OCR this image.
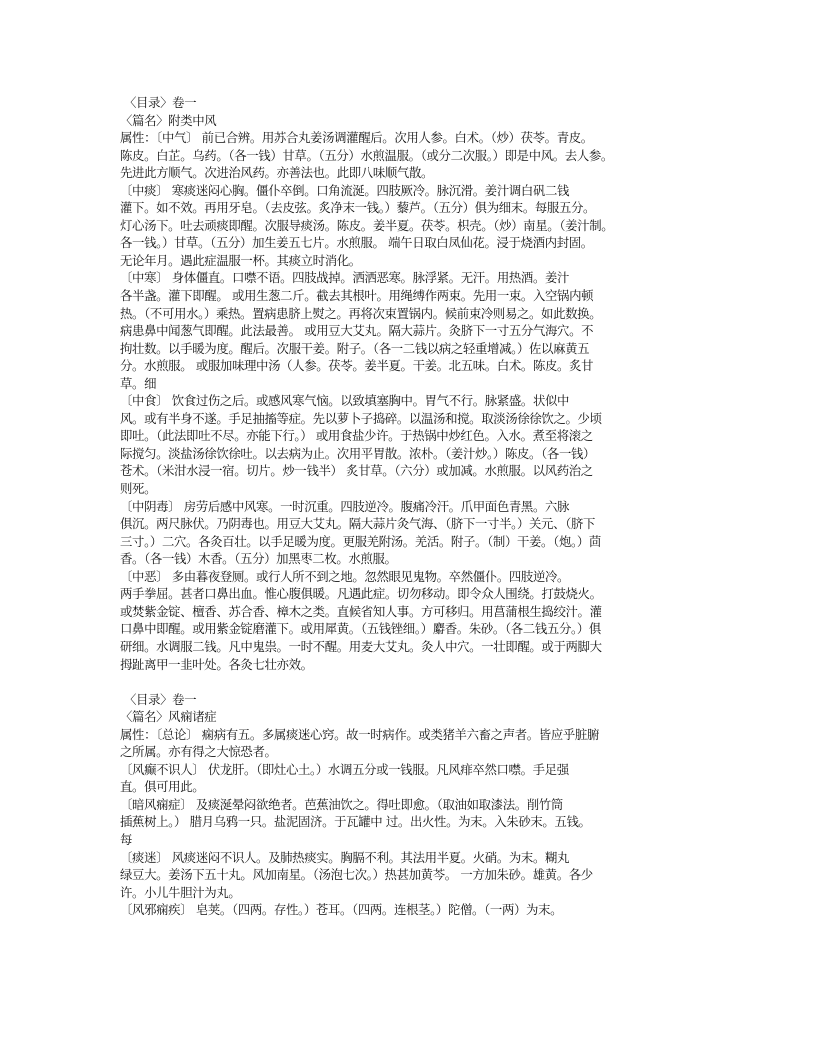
〈目录〉卷一
〈篇名〉附类中风
属性：〔中气〕 前已合辨。用苏合丸姜汤调灌醒后。次用人参。白术。（炒）茯苓。青皮。
陈皮。白芷。乌药。（各一钱）甘草。（五分）水煎温服。（或分二次服。）即是中风。去人参。
先进此方顺气。次进治风药。亦善法也。此即八味顺气散。
〔中痰〕 寒痰迷闷心胸。僵仆卒倒。口角流涎。四肢厥冷。脉沉滑。姜汁调白矾二钱
灌下。如不效。再用牙皂。（去皮弦。炙净末一钱。）藜芦。（五分）俱为细末。每服五分。
灯心汤下。吐去顽痰即醒。次服导痰汤。陈皮。姜半夏。茯苓。枳壳。（炒）南星。（姜汁制。
各一钱。）甘草。（五分）加生姜五七片。水煎服。 端午日取白凤仙花。浸于烧酒内封固。
无论年月。遇此症温服一杯。其痰立时消化。
〔中寒〕 身体僵直。口噤不语。四肢战掉。洒洒恶寒。脉浮紧。无汗。用热酒。姜汁
各半盏。灌下即醒。 或用生葱二斤。截去其根叶。用绳缚作两束。先用一束。入空锅内顿
热。（不可用水。）乘热。置病患脐上熨之。再将次束置锅内。候前束冷则易之。如此数换。
病患鼻中闻葱气即醒。此法最善。 或用豆大艾丸。隔大蒜片。灸脐下一寸五分气海穴。不
拘壮数。以手暖为度。醒后。次服干姜。附子。（各一二钱以病之轻重增减。）佐以麻黄五
分。水煎服。 或服加味理中汤（人参。茯苓。姜半夏。干姜。北五味。白术。陈皮。炙甘
草。细
〔中食〕 饮食过伤之后。或感风寒气恼。以致填塞胸中。胃气不行。脉紧盛。状似中
风。或有半身不遂。手足抽搐等症。先以萝卜子捣碎。以温汤和搅。取淡汤徐徐饮之。少顷
即吐。（此法即吐不尽。亦能下行。） 或用食盐少许。于热锅中炒红色。入水。煮至将滚之
际搅匀。淡盐汤徐饮徐吐。以去病为止。次用平胃散。浓朴。（姜汁炒。）陈皮。（各一钱）
苍术。（米泔水浸一宿。切片。炒一钱半） 炙甘草。（六分）或加减。水煎服。以风药治之
则死。
〔中阴毒〕 房劳后感中风寒。一时沉重。四肢逆冷。腹痛冷汗。爪甲面色青黑。六脉
俱沉。两尺脉伏。乃阴毒也。用豆大艾丸。隔大蒜片灸气海、（脐下一寸半。）关元、（脐下
三寸。）二穴。各灸百壮。以手足暖为度。更服羌附汤。羌活。附子。（制）干姜。（炮。）茴
香。（各一钱）木香。（五分）加黑枣二枚。水煎服。
〔中恶〕 多由暮夜登厕。或行人所不到之地。忽然眼见鬼物。卒然僵仆。四肢逆冷。
两手拳屈。甚者口鼻出血。惟心腹俱暖。凡遇此症。切勿移动。即令众人围绕。打鼓烧火。
或焚紫金锭、檀香、苏合香、樟木之类。直候省知人事。方可移归。用菖蒲根生捣绞汁。灌
口鼻中即醒。或用紫金锭磨灌下。或用犀黄。（五钱锉细。）麝香。朱砂。（各二钱五分。）俱
研细。水调服二钱。凡中鬼祟。一时不醒。用麦大艾丸。灸人中穴。一壮即醒。或于两脚大
拇趾离甲一韭叶处。各灸七壮亦效。
〈目录〉卷一
〈篇名〉风痫诸症
属性：〔总论〕 痫病有五。多属痰迷心窍。故一时病作。或类猪羊六畜之声者。皆应乎脏腑
之所属。亦有得之大惊恐者。
〔风癫不识人〕 伏龙肝。（即灶心土。）水调五分或一钱服。凡风痱卒然口噤。手足强
直。俱可用此。
〔暗风痫症〕 及痰涎晕闷欲绝者。芭蕉油饮之。得吐即愈。（取油如取漆法。削竹筒
插蕉树上。） 腊月乌鸦一只。盐泥固济。于瓦罐中 过。出火性。为末。入朱砂末。五钱。
每
〔痰迷〕 风痰迷闷不识人。及肺热痰实。胸膈不利。其法用半夏。火硝。为末。糊丸
绿豆大。姜汤下五十丸。风加南星。（汤泡七次。）热甚加黄芩。 一方加朱砂。雄黄。各少
许。小儿牛胆汁为丸。
〔风邪痫疾〕 皂荚。（四两。存性。）苍耳。（四两。连根茎。）陀僧。（一两）为末。
